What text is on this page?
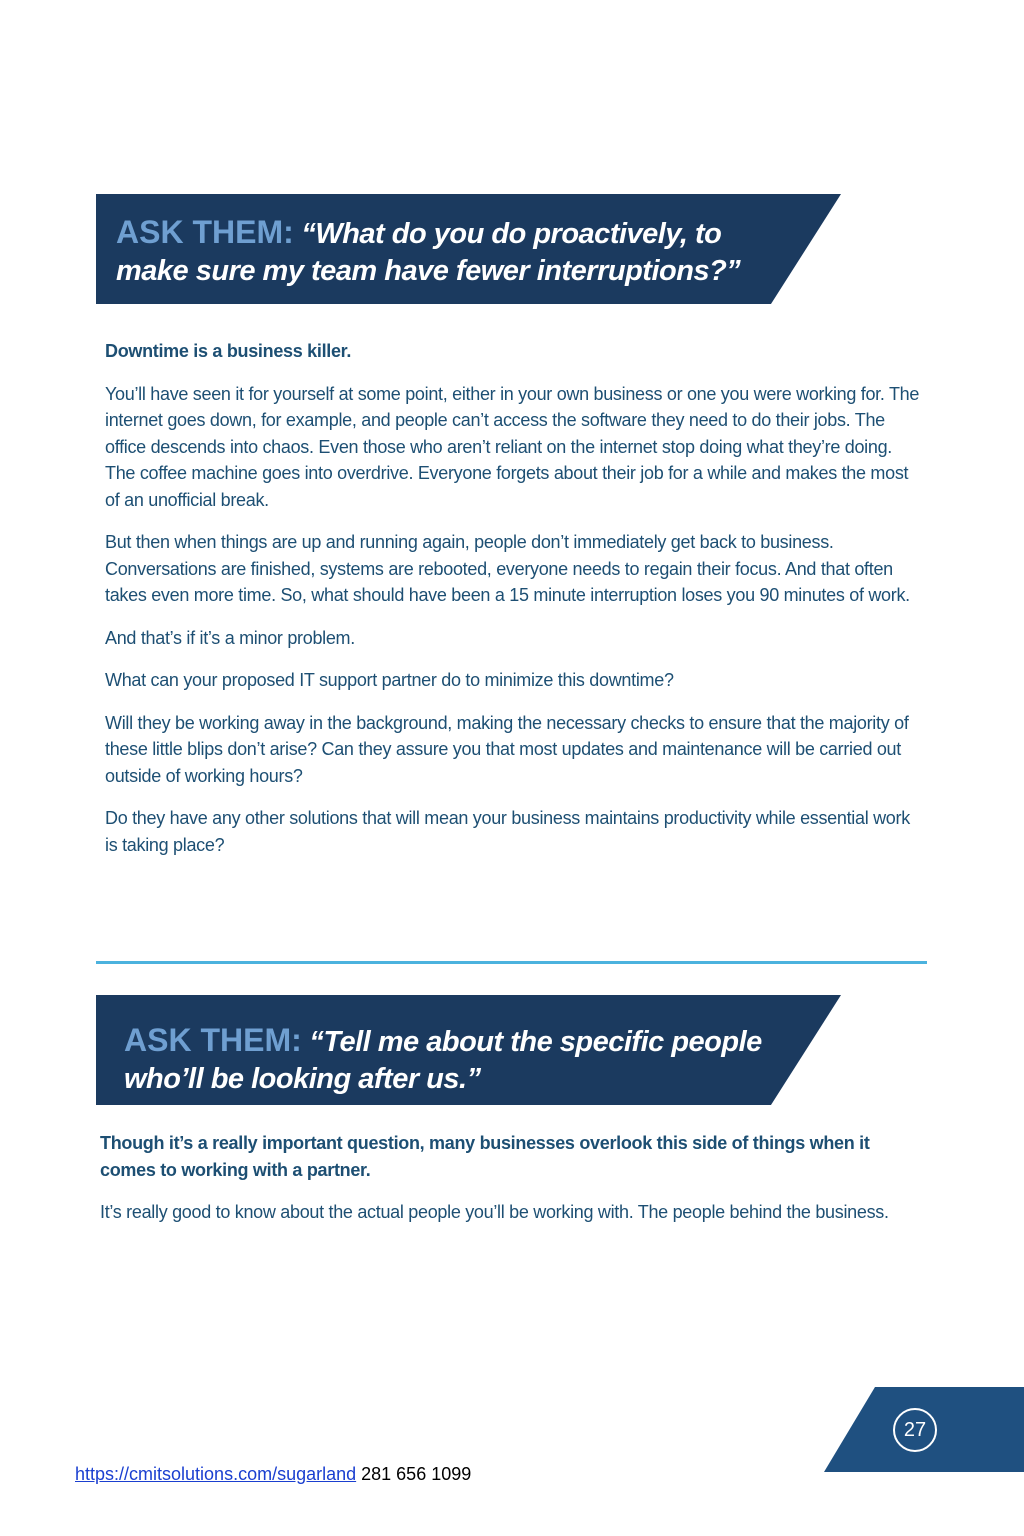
ASK THEM: “What do you do proactively, to make sure my team have fewer interruptions?”

Downtime is a business killer.

You’ll have seen it for yourself at some point, either in your own business or one you were working for. The internet goes down, for example, and people can’t access the software they need to do their jobs. The office descends into chaos. Even those who aren’t reliant on the internet stop doing what they’re doing. The coffee machine goes into overdrive. Everyone forgets about their job for a while and makes the most of an unofficial break.

But then when things are up and running again, people don’t immediately get back to business. Conversations are finished, systems are rebooted, everyone needs to regain their focus. And that often takes even more time. So, what should have been a 15 minute interruption loses you 90 minutes of work.

And that’s if it’s a minor problem.

What can your proposed IT support partner do to minimize this downtime?

Will they be working away in the background, making the necessary checks to ensure that the majority of these little blips don’t arise? Can they assure you that most updates and maintenance will be carried out outside of working hours?

Do they have any other solutions that will mean your business maintains productivity while essential work is taking place?

ASK THEM: “Tell me about the specific people who’ll be looking after us.”

Though it’s a really important question, many businesses overlook this side of things when it comes to working with a partner.

It’s really good to know about the actual people you’ll be working with. The people behind the business.

27
https://cmitsolutions.com/sugarland 281 656 1099
